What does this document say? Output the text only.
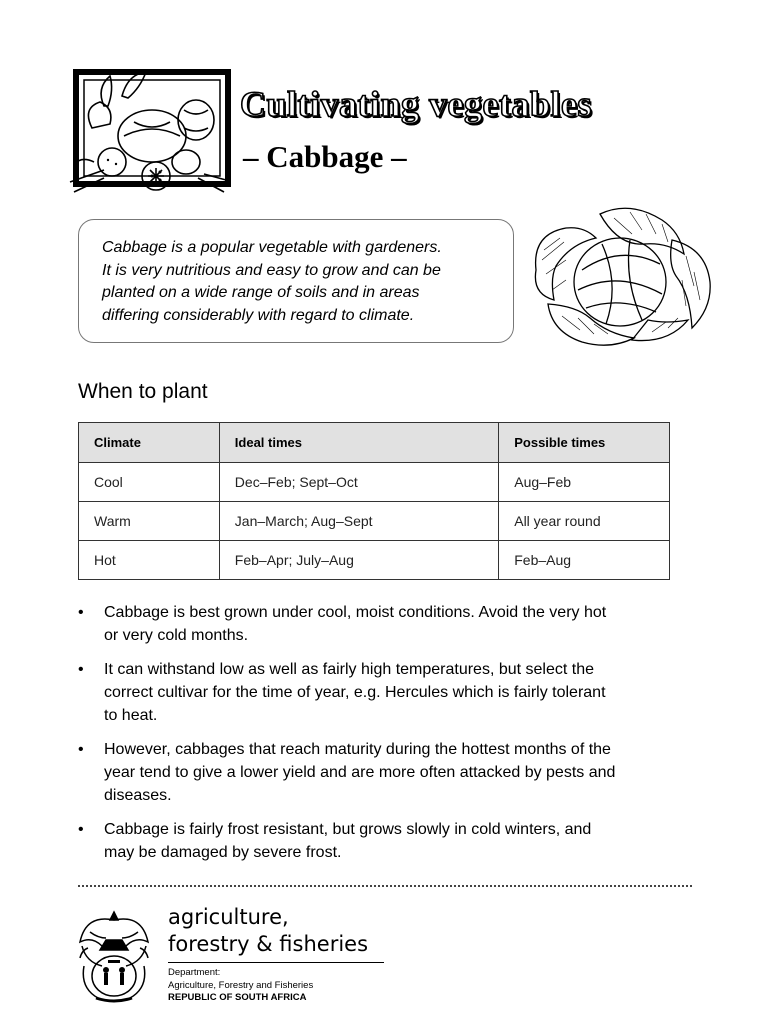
Cultivating vegetables
– Cabbage –
Cabbage is a popular vegetable with gardeners.
It is very nutritious and easy to grow and can be
planted on a wide range of soils and in areas
differing considerably with regard to climate.
When to plant
Climate	Ideal times	Possible times
Cool	Dec–Feb; Sept–Oct	Aug–Feb
Warm	Jan–March; Aug–Sept	All year round
Hot	Feb–Apr; July–Aug	Feb–Aug
• Cabbage is best grown under cool, moist conditions. Avoid the very hot
or very cold months.
• It can withstand low as well as fairly high temperatures, but select the
correct cultivar for the time of year, e.g. Hercules which is fairly tolerant
to heat.
• However, cabbages that reach maturity during the hottest months of the
year tend to give a lower yield and are more often attacked by pests and
diseases.
• Cabbage is fairly frost resistant, but grows slowly in cold winters, and
may be damaged by severe frost.
agriculture,
forestry & fisheries
Department:
Agriculture, Forestry and Fisheries
REPUBLIC OF SOUTH AFRICA
